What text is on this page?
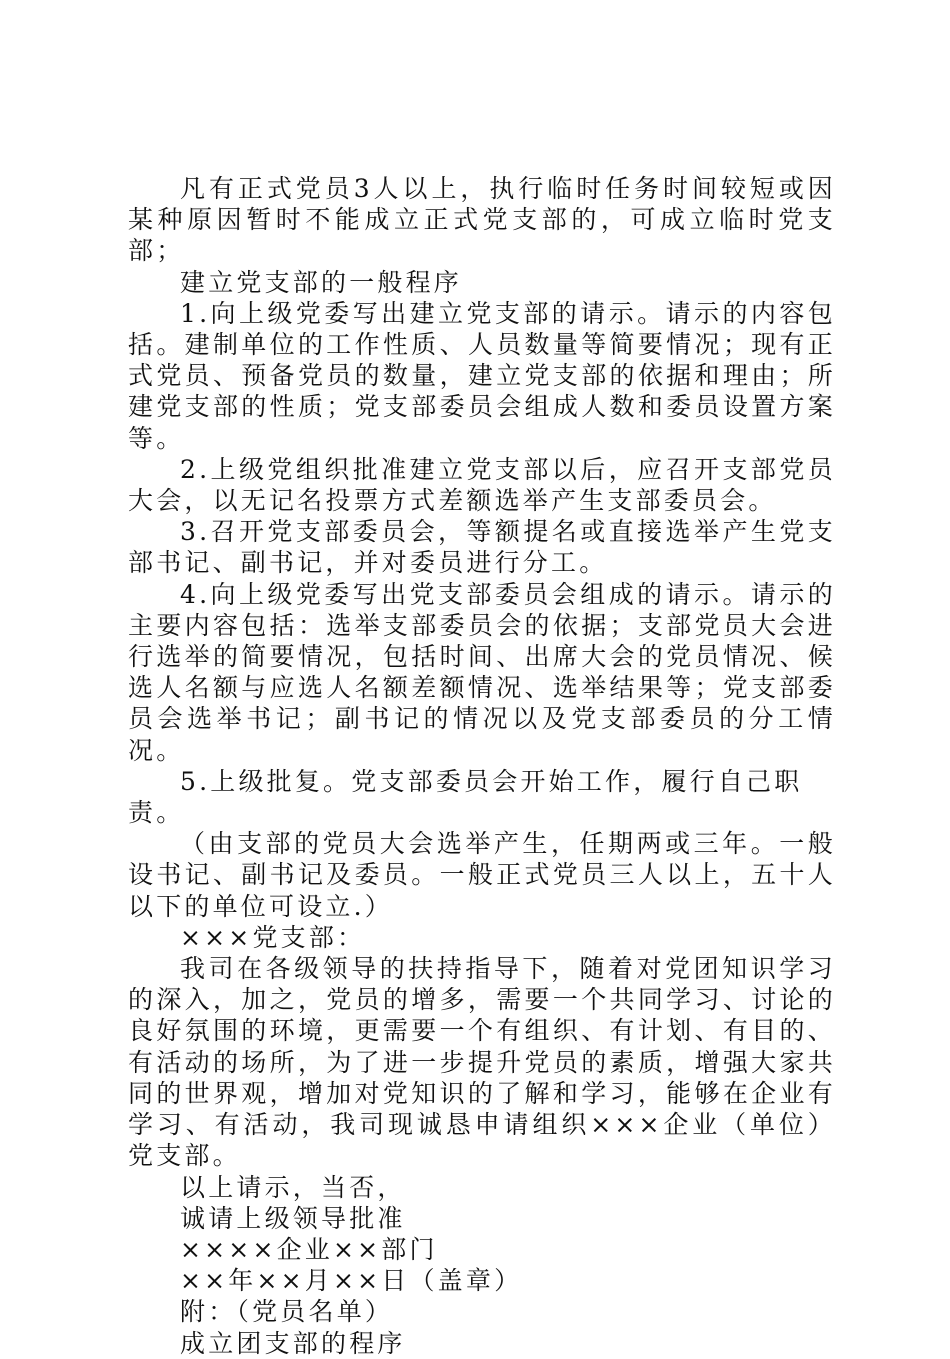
凡有正式党员3人以上，执行临时任务时间较短或因某种原因暂时不能成立正式党支部的，可成立临时党支部；

建立党支部的一般程序

1.向上级党委写出建立党支部的请示。请示的内容包括。建制单位的工作性质、人员数量等简要情况；现有正式党员、预备党员的数量，建立党支部的依据和理由；所建党支部的性质；党支部委员会组成人数和委员设置方案等。

2.上级党组织批准建立党支部以后，应召开支部党员大会，以无记名投票方式差额选举产生支部委员会。

3.召开党支部委员会，等额提名或直接选举产生党支部书记、副书记，并对委员进行分工。

4.向上级党委写出党支部委员会组成的请示。请示的主要内容包括：选举支部委员会的依据；支部党员大会进行选举的简要情况，包括时间、出席大会的党员情况、候选人名额与应选人名额差额情况、选举结果等；党支部委员会选举书记；副书记的情况以及党支部委员的分工情况。

5.上级批复。党支部委员会开始工作，履行自己职责。

（由支部的党员大会选举产生，任期两或三年。一般设书记、副书记及委员。一般正式党员三人以上，五十人以下的单位可设立.）

×××党支部：

我司在各级领导的扶持指导下，随着对党团知识学习的深入，加之，党员的增多，需要一个共同学习、讨论的良好氛围的环境，更需要一个有组织、有计划、有目的、有活动的场所，为了进一步提升党员的素质，增强大家共同的世界观，增加对党知识的了解和学习，能够在企业有学习、有活动，我司现诚恳申请组织×××企业（单位）党支部。

以上请示，当否，

诚请上级领导批准

××××企业××部门

××年××月××日（盖章）

附：（党员名单）

成立团支部的程序
